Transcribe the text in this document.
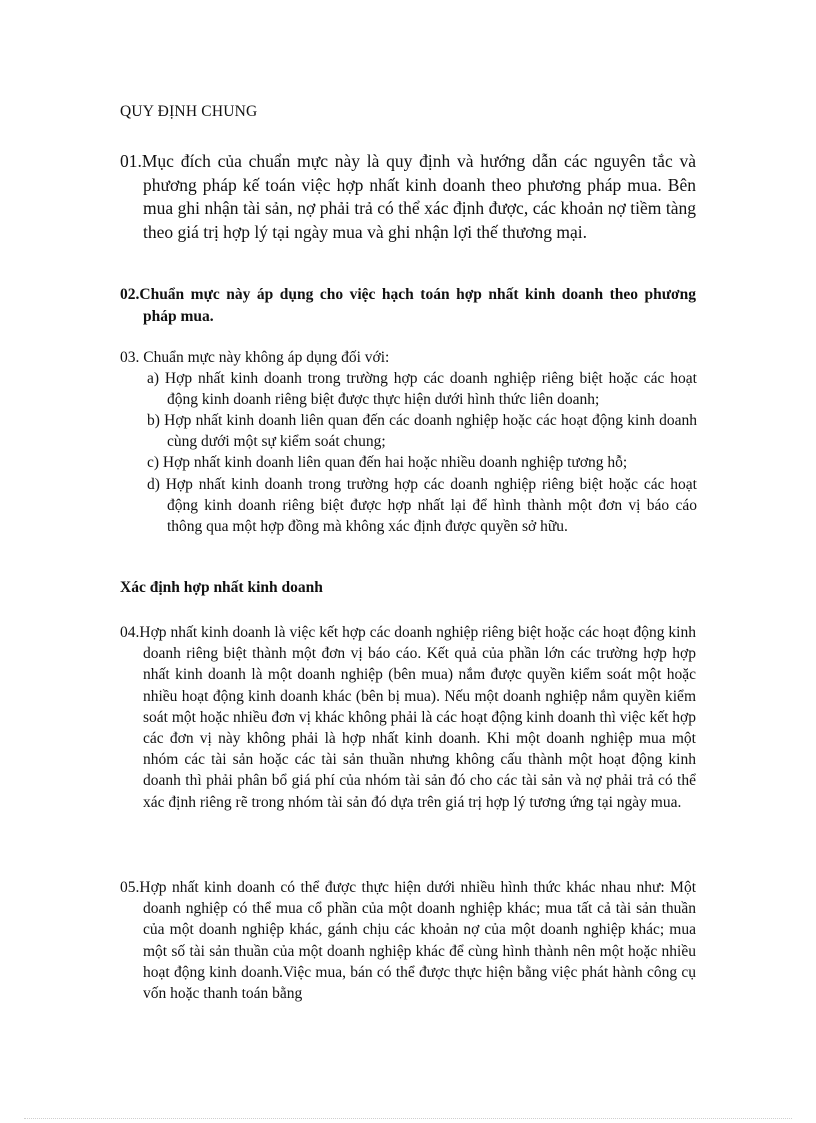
QUY ĐỊNH CHUNG

01.Mục đích của chuẩn mực này là quy định và hướng dẫn các nguyên tắc và phương pháp kế toán việc hợp nhất kinh doanh theo phương pháp mua. Bên mua ghi nhận tài sản, nợ phải trả có thể xác định được, các khoản nợ tiềm tàng theo giá trị hợp lý tại ngày mua và ghi nhận lợi thế thương mại.

02.Chuẩn mực này áp dụng cho việc hạch toán hợp nhất kinh doanh theo phương pháp mua.

03. Chuẩn mực này không áp dụng đối với:

a) Hợp nhất kinh doanh trong trường hợp các doanh nghiệp riêng biệt hoặc các hoạt động kinh doanh riêng biệt được thực hiện dưới hình thức liên doanh;

b) Hợp nhất kinh doanh liên quan đến các doanh nghiệp hoặc các hoạt động kinh doanh cùng dưới một sự kiểm soát chung;

c) Hợp nhất kinh doanh liên quan đến hai hoặc nhiều doanh nghiệp tương hỗ;

d) Hợp nhất kinh doanh trong trường hợp các doanh nghiệp riêng biệt hoặc các hoạt động kinh doanh riêng biệt được hợp nhất lại để hình thành một đơn vị báo cáo thông qua một hợp đồng mà không xác định được quyền sở hữu.

Xác định hợp nhất kinh doanh

04.Hợp nhất kinh doanh là việc kết hợp các doanh nghiệp riêng biệt hoặc các hoạt động kinh doanh riêng biệt thành một đơn vị báo cáo. Kết quả của phần lớn các trường hợp hợp nhất kinh doanh là một doanh nghiệp (bên mua) nắm được quyền kiểm soát một hoặc nhiều hoạt động kinh doanh khác (bên bị mua). Nếu một doanh nghiệp nắm quyền kiểm soát một hoặc nhiều đơn vị khác không phải là các hoạt động kinh doanh thì việc kết hợp các đơn vị này không phải là hợp nhất kinh doanh. Khi một doanh nghiệp mua một nhóm các tài sản hoặc các tài sản thuần nhưng không cấu thành một hoạt động kinh doanh thì phải phân bổ giá phí của nhóm tài sản đó cho các tài sản và nợ phải trả có thể xác định riêng rẽ trong nhóm tài sản đó dựa trên giá trị hợp lý tương ứng tại ngày mua.

05.Hợp nhất kinh doanh có thể được thực hiện dưới nhiều hình thức khác nhau như: Một doanh nghiệp có thể mua cổ phần của một doanh nghiệp khác; mua tất cả tài sản thuần của một doanh nghiệp khác, gánh chịu các khoản nợ của một doanh nghiệp khác; mua một số tài sản thuần của một doanh nghiệp khác để cùng hình thành nên một hoặc nhiều hoạt động kinh doanh.Việc mua, bán có thể được thực hiện bằng việc phát hành công cụ vốn hoặc thanh toán bằng
